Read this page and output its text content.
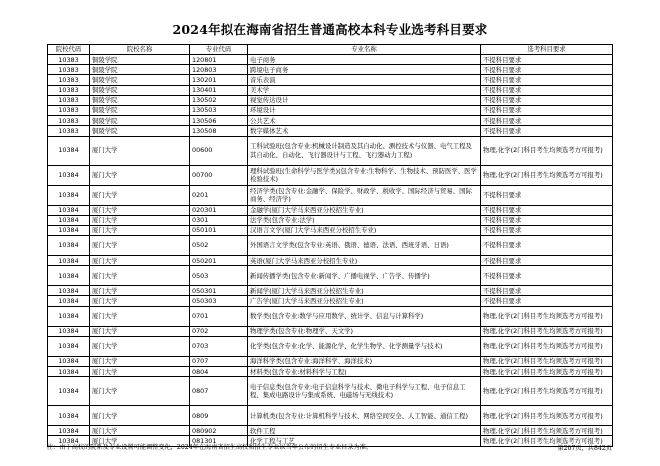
2024年拟在海南省招生普通高校本科专业选考科目要求
院校代码	院校名称	专业代码	专业名称	选考科目要求
10383	铜陵学院	120801	电子商务	不提科目要求
10383	铜陵学院	120803	跨境电子商务	不提科目要求
10383	铜陵学院	130201	音乐表演	不提科目要求
10383	铜陵学院	130401	美术学	不提科目要求
10383	铜陵学院	130502	视觉传达设计	不提科目要求
10383	铜陵学院	130503	环境设计	不提科目要求
10383	铜陵学院	130506	公共艺术	不提科目要求
10383	铜陵学院	130508	数字媒体艺术	不提科目要求
10384	厦门大学	00600	工科试验班(包含专业:机械设计制造及其自动化、测控技术与仪器、电气工程及其自动化、自动化、飞行器设计与工程、飞行器动力工程)	物理,化学(2门科目考生均须选考方可报考)
10384	厦门大学	00700	理科试验班(生命科学与医学类)(包含专业:生物科学、生物技术、预防医学、医学检验技术)	物理,化学(2门科目考生均须选考方可报考)
10384	厦门大学	0201	经济学类(包含专业:金融学、保险学、财政学、税收学、国际经济与贸易、国际商务、经济学)	不提科目要求
10384	厦门大学	020301	金融学(厦门大学马来西亚分校招生专业)	不提科目要求
10384	厦门大学	0301	法学类(包含专业:法学)	不提科目要求
10384	厦门大学	050101	汉语言文学(厦门大学马来西亚分校招生专业)	不提科目要求
10384	厦门大学	0502	外国语言文学类(包含专业:英语、俄语、德语、法语、西班牙语、日语)	不提科目要求
10384	厦门大学	050201	英语(厦门大学马来西亚分校招生专业)	不提科目要求
10384	厦门大学	0503	新闻传播学类(包含专业:新闻学、广播电视学、广告学、传播学)	不提科目要求
10384	厦门大学	050301	新闻学(厦门大学马来西亚分校招生专业)	不提科目要求
10384	厦门大学	050303	广告学(厦门大学马来西亚分校招生专业)	不提科目要求
10384	厦门大学	0701	数学类(包含专业:数学与应用数学、统计学、信息与计算科学)	物理,化学(2门科目考生均须选考方可报考)
10384	厦门大学	0702	物理学类(包含专业:物理学、天文学)	物理,化学(2门科目考生均须选考方可报考)
10384	厦门大学	0703	化学类(包含专业:化学、能源化学、化学生物学、化学测量学与技术)	物理,化学(2门科目考生均须选考方可报考)
10384	厦门大学	0707	海洋科学类(包含专业:海洋科学、海洋技术)	物理,化学(2门科目考生均须选考方可报考)
10384	厦门大学	0804	材料类(包含专业:材料科学与工程)	物理,化学(2门科目考生均须选考方可报考)
10384	厦门大学	0807	电子信息类(包含专业:电子信息科学与技术、微电子科学与工程、电子信息工程、集成电路设计与集成系统、电磁场与无线技术)	物理,化学(2门科目考生均须选考方可报考)
10384	厦门大学	0809	计算机类(包含专业:计算机科学与技术、网络空间安全、人工智能、通信工程)	物理,化学(2门科目考生均须选考方可报考)
10384	厦门大学	080902	软件工程	物理,化学(2门科目考生均须选考方可报考)
10384	厦门大学	081301	化学工程与工艺	物理,化学(2门科目考生均须选考方可报考)
注：由于高校的院系及专业设置可能调整变化，2024年在海南省招生高校和招生专业以当年公布的招生专业目录为准。	第207页，共842页
